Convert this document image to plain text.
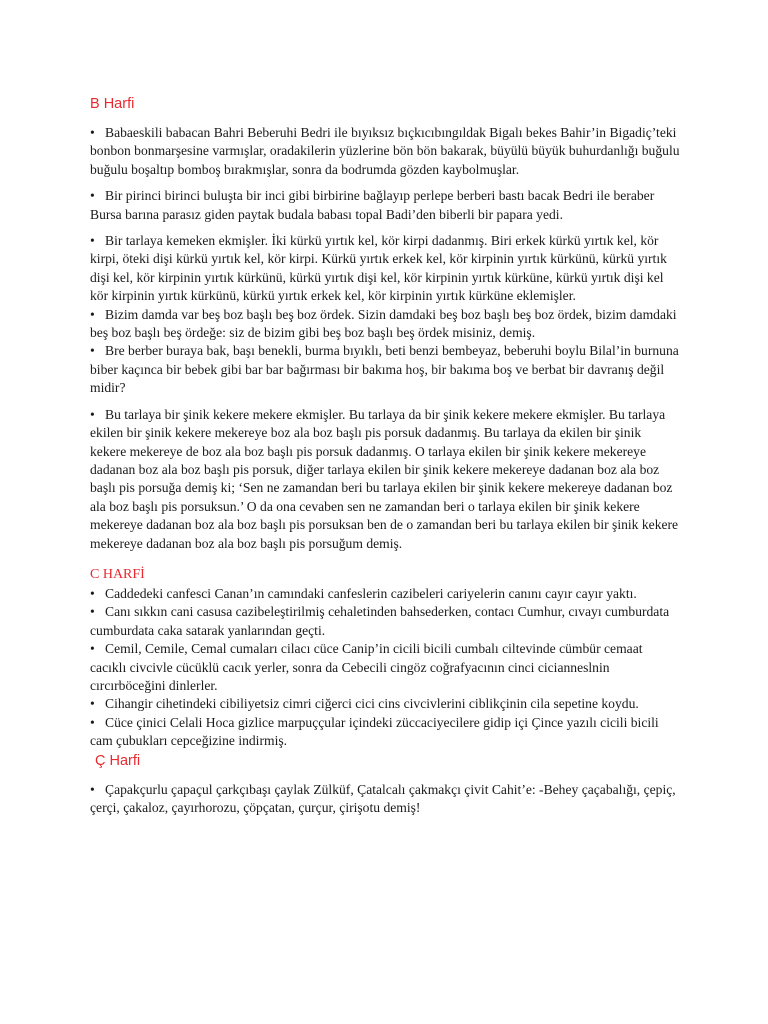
B Harfi

• Babaeskili babacan Bahri Beberuhi Bedri ile bıyıksız bıçkıcıbıngıldak Bigalı bekes Bahir’in Bigadiç’teki bonbon bonmarşesine varmışlar, oradakilerin yüzlerine bön bön bakarak, büyülü büyük buhurdanlığı buğulu buğulu boşaltıp bomboş bırakmışlar, sonra da bodrumda gözden kaybolmuşlar.

• Bir pirinci birinci buluşta bir inci gibi birbirine bağlayıp perlepe berberi bastı bacak Bedri ile beraber Bursa barına parasız giden paytak budala babası topal Badi’den biberli bir papara yedi.

• Bir tarlaya kemeken ekmişler. İki kürkü yırtık kel, kör kirpi dadanmış. Biri erkek kürkü yırtık kel, kör kirpi, öteki dişi kürkü yırtık kel, kör kirpi. Kürkü yırtık erkek kel, kör kirpinin yırtık kürkünü, kürkü yırtık dişi kel, kör kirpinin yırtık kürkünü, kürkü yırtık dişi kel, kör kirpinin yırtık kürküne, kürkü yırtık dişi kel kör kirpinin yırtık kürkünü, kürkü yırtık erkek kel, kör kirpinin yırtık kürküne eklemişler.

• Bizim damda var beş boz başlı beş boz ördek. Sizin damdaki beş boz başlı beş boz ördek, bizim damdaki beş boz başlı beş ördeğe: siz de bizim gibi beş boz başlı beş ördek misiniz, demiş.

• Bre berber buraya bak, başı benekli, burma bıyıklı, beti benzi bembeyaz, beberuhi boylu Bilal’in burnuna biber kaçınca bir bebek gibi bar bar bağırması bir bakıma hoş, bir bakıma boş ve berbat bir davranış değil midir?

• Bu tarlaya bir şinik kekere mekere ekmişler. Bu tarlaya da bir şinik kekere mekere ekmişler. Bu tarlaya ekilen bir şinik kekere mekereye boz ala boz başlı pis porsuk dadanmış. Bu tarlaya da ekilen bir şinik kekere mekereye de boz ala boz başlı pis porsuk dadanmış. O tarlaya ekilen bir şinik kekere mekereye dadanan boz ala boz başlı pis porsuk, diğer tarlaya ekilen bir şinik kekere mekereye dadanan boz ala boz başlı pis porsuğa demiş ki; ‘Sen ne zamandan beri bu tarlaya ekilen bir şinik kekere mekereye dadanan boz ala boz başlı pis porsuksun.’ O da ona cevaben sen ne zamandan beri o tarlaya ekilen bir şinik kekere mekereye dadanan boz ala boz başlı pis porsuksan ben de o zamandan beri bu tarlaya ekilen bir şinik kekere mekereye dadanan boz ala boz başlı pis porsuğum demiş.

C HARFİ

• Caddedeki canfesci Canan’ın camındaki canfeslerin cazibeleri cariyelerin canını cayır cayır yaktı.

• Canı sıkkın cani casusa cazibeleştirilmiş cehaletinden bahsederken, contacı Cumhur, cıvayı cumburdata cumburdata caka satarak yanlarından geçti.

• Cemil, Cemile, Cemal cumaları cilacı cüce Canip’in cicili bicili cumbalı ciltevinde cümbür cemaat cacıklı civcivle cücüklü cacık yerler, sonra da Cebecili cingöz coğrafyacının cinci cicianneslnin cırcırböceğini dinlerler.

• Cihangir cihetindeki cibiliyetsiz cimri ciğerci cici cins civcivlerini ciblikçinin cila sepetine koydu.

• Cüce çinici Celali Hoca gizlice marpuççular içindeki züccaciyecilere gidip içi Çince yazılı cicili bicili cam çubukları cepceğizine indirmiş.

Ç Harfi

• Çapakçurlu çapaçul çarkçıbaşı çaylak Zülküf, Çatalcalı çakmakçı çivit Cahit’e: -Behey çaçabalığı, çepiç, çerçi, çakaloz, çayırhorozu, çöpçatan, çurçur, çirişotu demiş!
